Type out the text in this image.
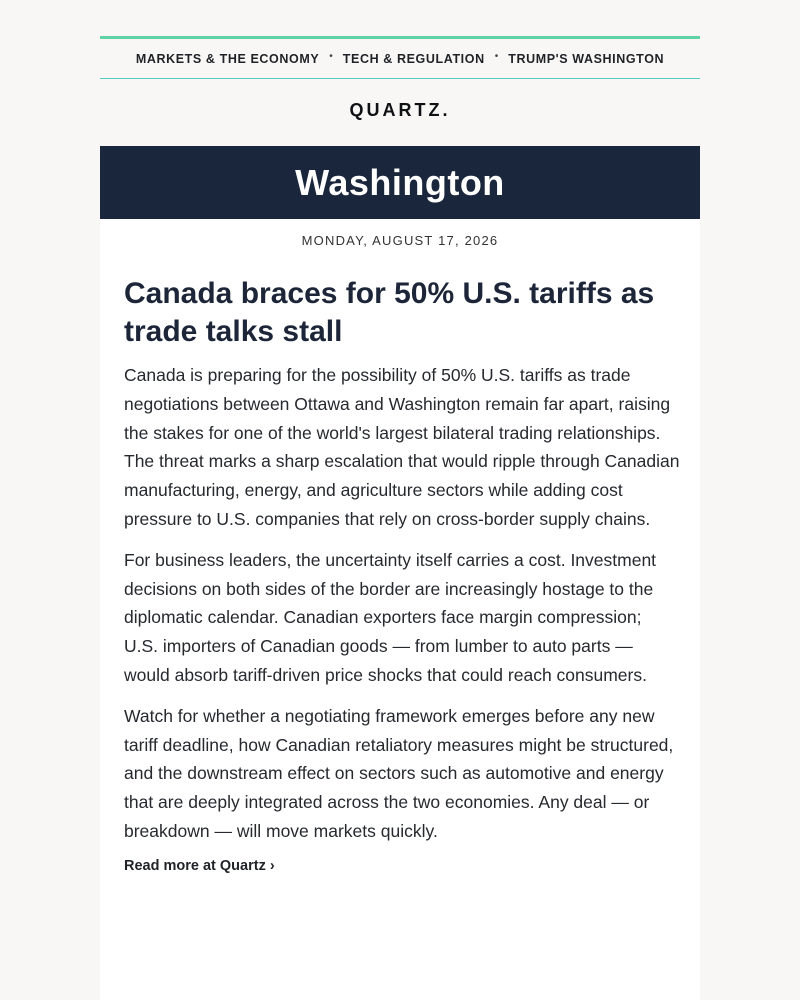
MARKETS & THE ECONOMY • TECH & REGULATION • TRUMP'S WASHINGTON
QUARTZ.
Washington
MONDAY, AUGUST 17, 2026
Canada braces for 50% U.S. tariffs as trade talks stall

Canada is preparing for the possibility of 50% U.S. tariffs as trade negotiations between Ottawa and Washington remain far apart, raising the stakes for one of the world's largest bilateral trading relationships. The threat marks a sharp escalation that would ripple through Canadian manufacturing, energy, and agriculture sectors while adding cost pressure to U.S. companies that rely on cross-border supply chains.

For business leaders, the uncertainty itself carries a cost. Investment decisions on both sides of the border are increasingly hostage to the diplomatic calendar. Canadian exporters face margin compression; U.S. importers of Canadian goods — from lumber to auto parts — would absorb tariff-driven price shocks that could reach consumers.

Watch for whether a negotiating framework emerges before any new tariff deadline, how Canadian retaliatory measures might be structured, and the downstream effect on sectors such as automotive and energy that are deeply integrated across the two economies. Any deal — or breakdown — will move markets quickly.

Read more at Quartz ›
